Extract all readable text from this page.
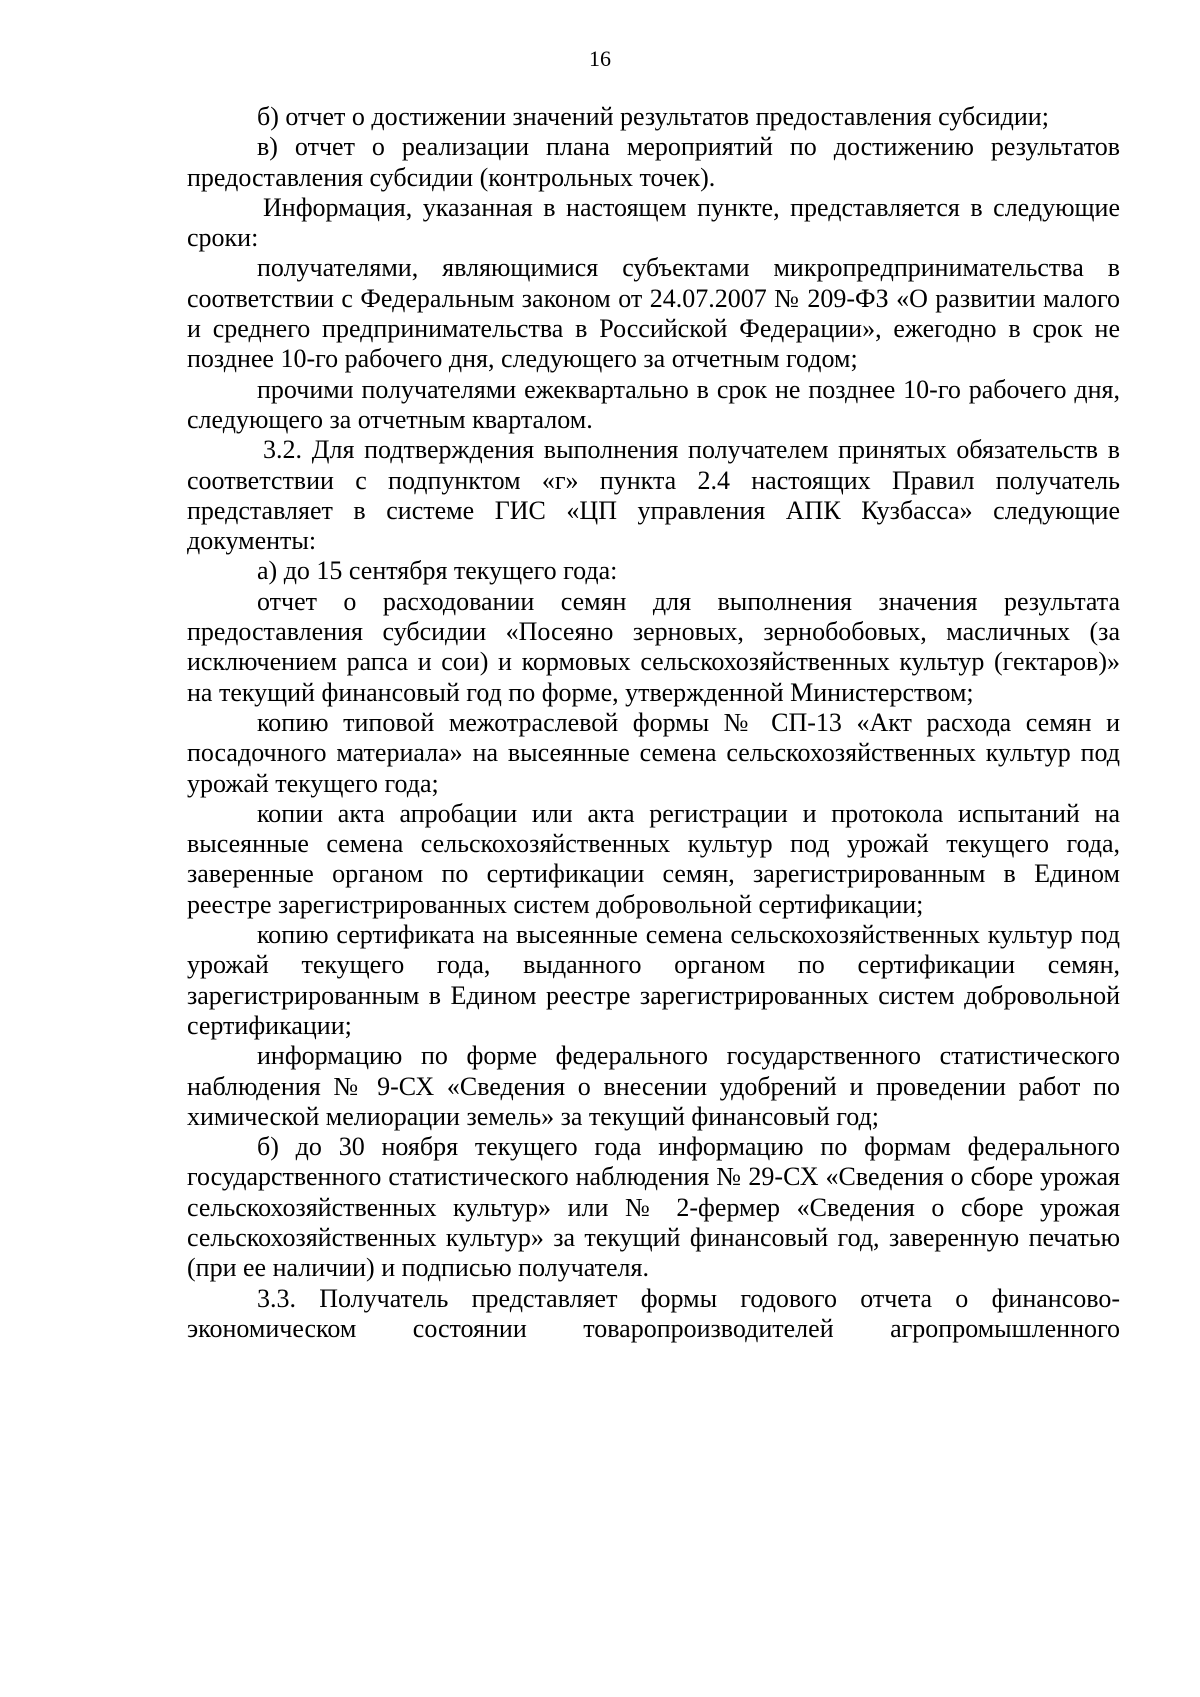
16

б) отчет о достижении значений результатов предоставления субсидии;

в) отчет о реализации плана мероприятий по достижению результатов предоставления субсидии (контрольных точек).

Информация, указанная в настоящем пункте, представляется в следующие сроки:

получателями, являющимися субъектами микропредпринимательства в соответствии с Федеральным законом от 24.07.2007 № 209-ФЗ «О развитии малого и среднего предпринимательства в Российской Федерации», ежегодно в срок не позднее 10-го рабочего дня, следующего за отчетным годом;

прочими получателями ежеквартально в срок не позднее 10-го рабочего дня, следующего за отчетным кварталом.

3.2. Для подтверждения выполнения получателем принятых обязательств в соответствии с подпунктом «г» пункта 2.4 настоящих Правил получатель представляет в системе ГИС «ЦП управления АПК Кузбасса» следующие документы:

а) до 15 сентября текущего года:

отчет о расходовании семян для выполнения значения результата предоставления субсидии «Посеяно зерновых, зернобобовых, масличных (за исключением рапса и сои) и кормовых сельскохозяйственных культур (гектаров)» на текущий финансовый год по форме, утвержденной Министерством;

копию типовой межотраслевой формы № СП-13 «Акт расхода семян и посадочного материала» на высеянные семена сельскохозяйственных культур под урожай текущего года;

копии акта апробации или акта регистрации и протокола испытаний на высеянные семена сельскохозяйственных культур под урожай текущего года, заверенные органом по сертификации семян, зарегистрированным в Едином реестре зарегистрированных систем добровольной сертификации;

копию сертификата на высеянные семена сельскохозяйственных культур под урожай текущего года, выданного органом по сертификации семян, зарегистрированным в Едином реестре зарегистрированных систем добровольной сертификации;

информацию по форме федерального государственного статистического наблюдения № 9-СХ «Сведения о внесении удобрений и проведении работ по химической мелиорации земель» за текущий финансовый год;

б) до 30 ноября текущего года информацию по формам федерального государственного статистического наблюдения № 29-СХ «Сведения о сборе урожая сельскохозяйственных культур» или № 2-фермер «Сведения о сборе урожая сельскохозяйственных культур» за текущий финансовый год, заверенную печатью (при ее наличии) и подписью получателя.

3.3. Получатель представляет формы годового отчета о финансово-экономическом состоянии товаропроизводителей агропромышленного
